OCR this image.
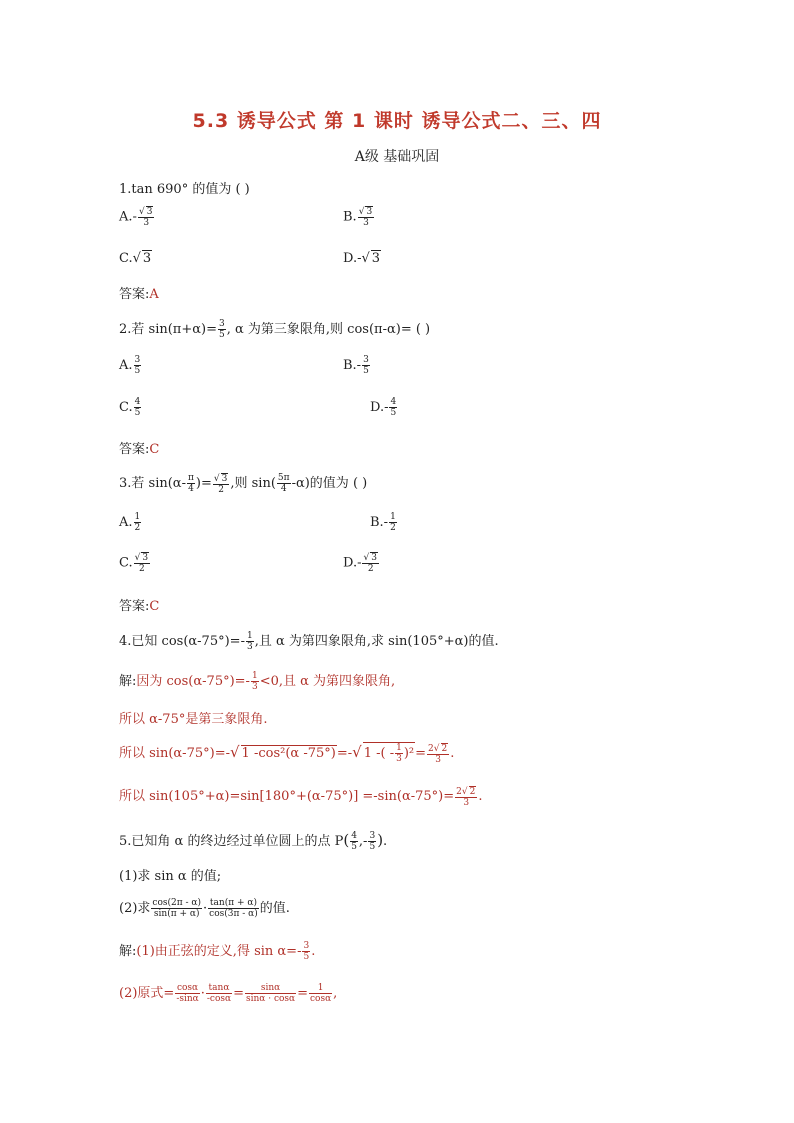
5.3 诱导公式 第 1 课时 诱导公式二、三、四
A级 基础巩固
1.tan 690° 的值为 ( )
$A.- \frac{√ 3}{3}$	B. $\frac{√ 3}{3}$
C.√ 3	D.-√ 3
答案:A
2.若 $\sin(\pi+\alpha)= \frac{3}{5}$ , α 为第三象限角,则 cos(π-α)= ( )
A. $\frac{3}{5}$	$B.- \frac{3}{5}$
C. $\frac{4}{5}$	$D.- \frac{4}{5}$
答案:C
3.若 $\sin(\alpha- \frac{\pi}{4}$ )= $\frac{√ 3}{2}$ ,则 $\sin( \frac{5\pi}{4} -\alpha)$的值为 ( )
A. $\frac{1}{2}$	$B.- \frac{1}{2}$
C. $\frac{√ 3}{2}$	$D.- \frac{√ 3}{2}$
答案:C
4.已知 $\cos(\alpha-75^\circ)=- \frac{1}{3}$ ,且 α 为第四象限角,求 sin(105°+α)的值.
解:因为 $\cos(\alpha-75^\circ)=- \frac{1}{3} <0$,且 α 为第四象限角,
所以 α-75°是第三象限角.
所以 sin(α-75°)=-√ 1 -cos²(α -75°)=-√ 1 -( - $\frac{1}{3} )^2= \frac{2√ 2}{3}$ .
所以 $\sin(105^\circ+\alpha)=\sin[180^\circ+(\alpha-75^\circ)] =-\sin(\alpha-75^\circ)= \frac{2√ 2}{3}$ .
5.已知角 α 的终边经过单位圆上的点 $P( \frac{4}{5}$ ,- $\frac{3}{5}$ ).
(1)求 sin α 的值;
(2)求 $\frac{\cos(2\pi - \alpha)}{\sin(\pi + \alpha)} \cdot \frac{\tan(\pi + \alpha)}{\cos(3\pi - \alpha)}$ 的值.
解:(1)由正弦的定义,得 $\sin \alpha=- \frac{3}{5}$ .
(2)原式= $\frac{\cos\alpha}{-\sin\alpha} \cdot \frac{\tan\alpha}{-\cos\alpha} = \frac{\sin\alpha}{\sin\alpha \cdot \cos\alpha} = \frac{1}{\cos\alpha}$ ,
